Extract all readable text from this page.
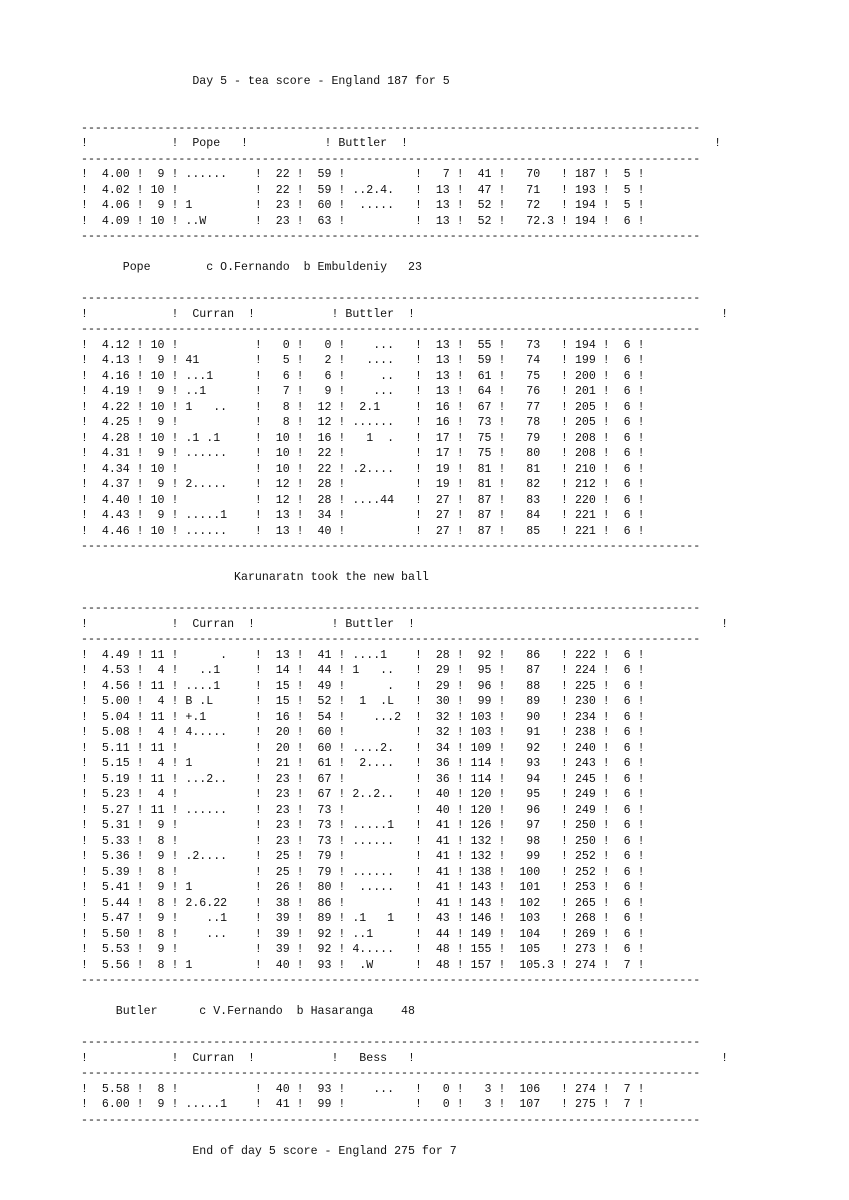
Day 5 - tea score - England 187 for 5
-----------------------------------------------------------------------------------------
!            !  Pope   !           ! Buttler  !                                            !
-----------------------------------------------------------------------------------------
!  4.00 !  9 ! ......    !  22 !  59 !          !   7 !  41 !   70   ! 187 !  5 !
!  4.02 ! 10 !           !  22 !  59 ! ..2.4.   !  13 !  47 !   71   ! 193 !  5 !
!  4.06 !  9 ! 1         !  23 !  60 !  .....   !  13 !  52 !   72   ! 194 !  5 !
!  4.09 ! 10 ! ..W       !  23 !  63 !          !  13 !  52 !   72.3 ! 194 !  6 !
-----------------------------------------------------------------------------------------
Pope        c O.Fernando  b Embuldeniy   23
-----------------------------------------------------------------------------------------
!            !  Curran  !           ! Buttler  !                                            !
-----------------------------------------------------------------------------------------
!  4.12 ! 10 !           !   0 !   0 !    ...   !  13 !  55 !   73   ! 194 !  6 !
!  4.13 !  9 ! 41        !   5 !   2 !   ....   !  13 !  59 !   74   ! 199 !  6 !
!  4.16 ! 10 ! ...1      !   6 !   6 !     ..   !  13 !  61 !   75   ! 200 !  6 !
!  4.19 !  9 ! ..1       !   7 !   9 !    ...   !  13 !  64 !   76   ! 201 !  6 !
!  4.22 ! 10 ! 1   ..    !   8 !  12 !  2.1     !  16 !  67 !   77   ! 205 !  6 !
!  4.25 !  9 !           !   8 !  12 ! ......   !  16 !  73 !   78   ! 205 !  6 !
!  4.28 ! 10 ! .1 .1     !  10 !  16 !   1  .   !  17 !  75 !   79   ! 208 !  6 !
!  4.31 !  9 ! ......    !  10 !  22 !          !  17 !  75 !   80   ! 208 !  6 !
!  4.34 ! 10 !           !  10 !  22 ! .2....   !  19 !  81 !   81   ! 210 !  6 !
!  4.37 !  9 ! 2.....    !  12 !  28 !          !  19 !  81 !   82   ! 212 !  6 !
!  4.40 ! 10 !           !  12 !  28 ! ....44   !  27 !  87 !   83   ! 220 !  6 !
!  4.43 !  9 ! .....1    !  13 !  34 !          !  27 !  87 !   84   ! 221 !  6 !
!  4.46 ! 10 ! ......    !  13 !  40 !          !  27 !  87 !   85   ! 221 !  6 !
-----------------------------------------------------------------------------------------
Karunaratn took the new ball
-----------------------------------------------------------------------------------------
!            !  Curran  !           ! Buttler  !                                            !
-----------------------------------------------------------------------------------------
!  4.49 ! 11 !      .    !  13 !  41 ! ....1    !  28 !  92 !   86   ! 222 !  6 !
!  4.53 !  4 !   ..1     !  14 !  44 ! 1   ..   !  29 !  95 !   87   ! 224 !  6 !
!  4.56 ! 11 ! ....1     !  15 !  49 !      .   !  29 !  96 !   88   ! 225 !  6 !
!  5.00 !  4 ! B .L      !  15 !  52 !  1  .L   !  30 !  99 !   89   ! 230 !  6 !
!  5.04 ! 11 ! +.1       !  16 !  54 !    ...2  !  32 ! 103 !   90   ! 234 !  6 !
!  5.08 !  4 ! 4.....    !  20 !  60 !          !  32 ! 103 !   91   ! 238 !  6 !
!  5.11 ! 11 !           !  20 !  60 ! ....2.   !  34 ! 109 !   92   ! 240 !  6 !
!  5.15 !  4 ! 1         !  21 !  61 !  2....   !  36 ! 114 !   93   ! 243 !  6 !
!  5.19 ! 11 ! ...2..    !  23 !  67 !          !  36 ! 114 !   94   ! 245 !  6 !
!  5.23 !  4 !           !  23 !  67 ! 2..2..   !  40 ! 120 !   95   ! 249 !  6 !
!  5.27 ! 11 ! ......    !  23 !  73 !          !  40 ! 120 !   96   ! 249 !  6 !
!  5.31 !  9 !           !  23 !  73 ! .....1   !  41 ! 126 !   97   ! 250 !  6 !
!  5.33 !  8 !           !  23 !  73 ! ......   !  41 ! 132 !   98   ! 250 !  6 !
!  5.36 !  9 ! .2....    !  25 !  79 !          !  41 ! 132 !   99   ! 252 !  6 !
!  5.39 !  8 !           !  25 !  79 ! ......   !  41 ! 138 !  100   ! 252 !  6 !
!  5.41 !  9 ! 1         !  26 !  80 !  .....   !  41 ! 143 !  101   ! 253 !  6 !
!  5.44 !  8 ! 2.6.22    !  38 !  86 !          !  41 ! 143 !  102   ! 265 !  6 !
!  5.47 !  9 !    ..1    !  39 !  89 ! .1   1   !  43 ! 146 !  103   ! 268 !  6 !
!  5.50 !  8 !    ...    !  39 !  92 ! ..1      !  44 ! 149 !  104   ! 269 !  6 !
!  5.53 !  9 !           !  39 !  92 ! 4.....   !  48 ! 155 !  105   ! 273 !  6 !
!  5.56 !  8 ! 1         !  40 !  93 !  .W      !  48 ! 157 !  105.3 ! 274 !  7 !
-----------------------------------------------------------------------------------------
Butler      c V.Fernando  b Hasaranga    48
-----------------------------------------------------------------------------------------
!            !  Curran  !           !   Bess   !                                            !
-----------------------------------------------------------------------------------------
!  5.58 !  8 !           !  40 !  93 !    ...   !   0 !   3 !  106   ! 274 !  7 !
!  6.00 !  9 ! .....1    !  41 !  99 !          !   0 !   3 !  107   ! 275 !  7 !
-----------------------------------------------------------------------------------------
End of day 5 score - England 275 for 7
